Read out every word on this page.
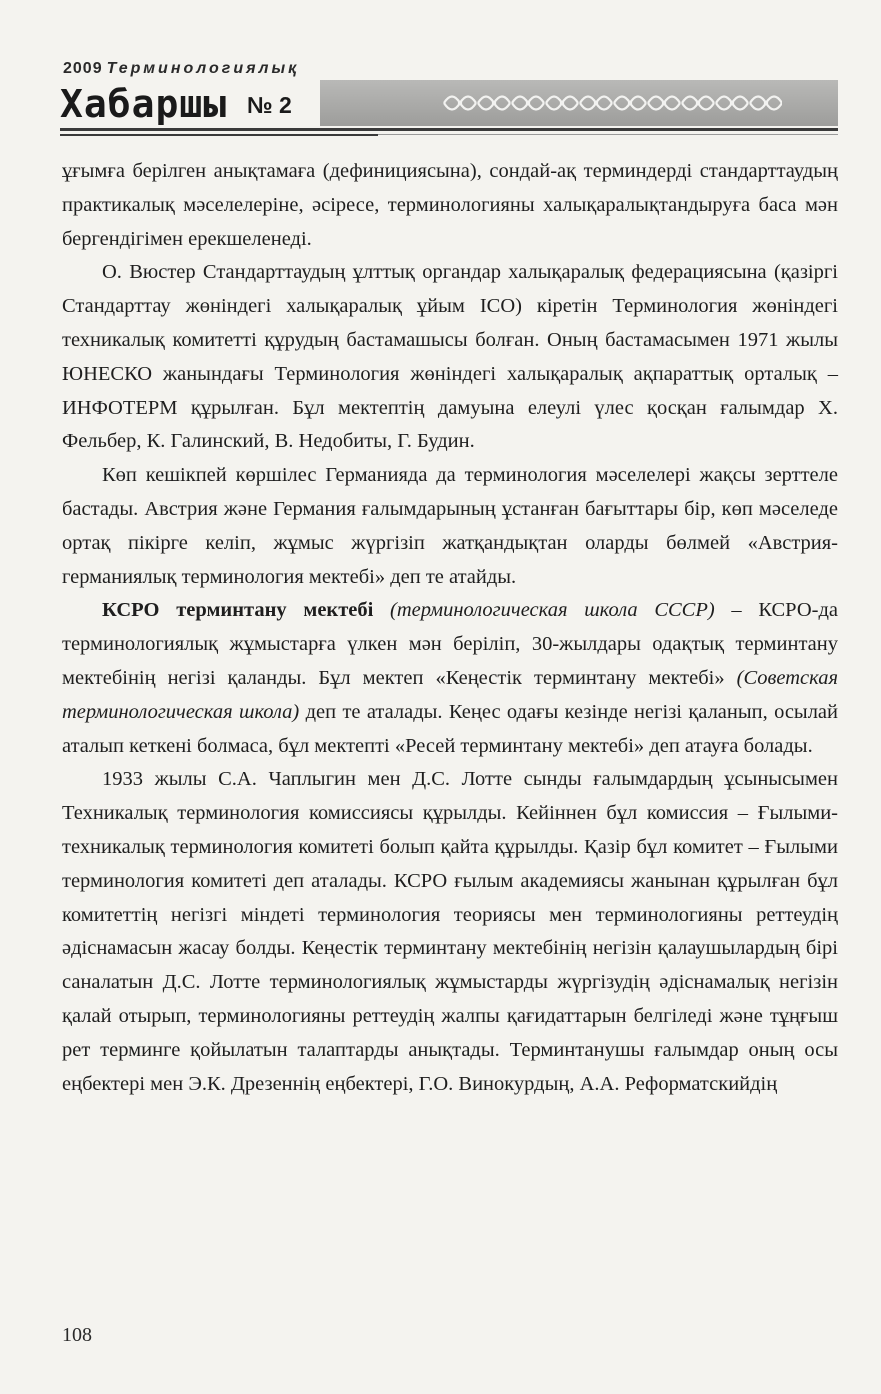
2009 Терминологиялық
Хабаршы № 2

ұғымға берілген анықтамаға (дефинициясына), сондай-ақ терминдерді стандарттаудың практикалық мәселелеріне, әсіресе, терминологияны халықаралықтандыруға баса мән бергендігімен ерекшеленеді.

О. Вюстер Стандарттаудың ұлттық органдар халықаралық федерациясына (қазіргі Стандарттау жөніндегі халықаралық ұйым ІСО) кіретін Терминология жөніндегі техникалық комитетті құрудың бастамашысы болған. Оның бастамасымен 1971 жылы ЮНЕСКО жанындағы Терминология жөніндегі халықаралық ақпараттық орталық – ИНФОТЕРМ құрылған. Бұл мектептің дамуына елеулі үлес қосқан ғалымдар Х. Фельбер, К. Галинский, В. Недобиты, Г. Будин.

Көп кешікпей көршілес Германияда да терминология мәселелері жақсы зерттеле бастады. Австрия және Германия ғалымдарының ұстанған бағыттары бір, көп мәселеде ортақ пікірге келіп, жұмыс жүргізіп жатқандықтан оларды бөлмей «Австрия-германиялық терминология мектебі» деп те атайды.

КСРО терминтану мектебі (терминологическая школа СССР) – КСРО-да терминологиялық жұмыстарға үлкен мән беріліп, 30-жылдары одақтық терминтану мектебінің негізі қаланды. Бұл мектеп «Кеңестік терминтану мектебі» (Советская терминологическая школа) деп те аталады. Кеңес одағы кезінде негізі қаланып, осылай аталып кеткені болмаса, бұл мектепті «Ресей терминтану мектебі» деп атауға болады.

1933 жылы С.А. Чаплыгин мен Д.С. Лотте сынды ғалымдардың ұсынысымен Техникалық терминология комиссиясы құрылды. Кейіннен бұл комиссия – Ғылыми-техникалық терминология комитеті болып қайта құрылды. Қазір бұл комитет – Ғылыми терминология комитеті деп аталады. КСРО ғылым академиясы жанынан құрылған бұл комитеттің негізгі міндеті терминология теориясы мен терминологияны реттеудің әдіснамасын жасау болды. Кеңестік терминтану мектебінің негізін қалаушылардың бірі саналатын Д.С. Лотте терминологиялық жұмыстарды жүргізудің әдіснамалық негізін қалай отырып, терминологияны реттеудің жалпы қағидаттарын белгіледі және тұңғыш рет терминге қойылатын талаптарды анықтады. Терминтанушы ғалымдар оның осы еңбектері мен Э.К. Дрезеннің еңбектері, Г.О. Винокурдың, А.А. Реформатскийдің

108
